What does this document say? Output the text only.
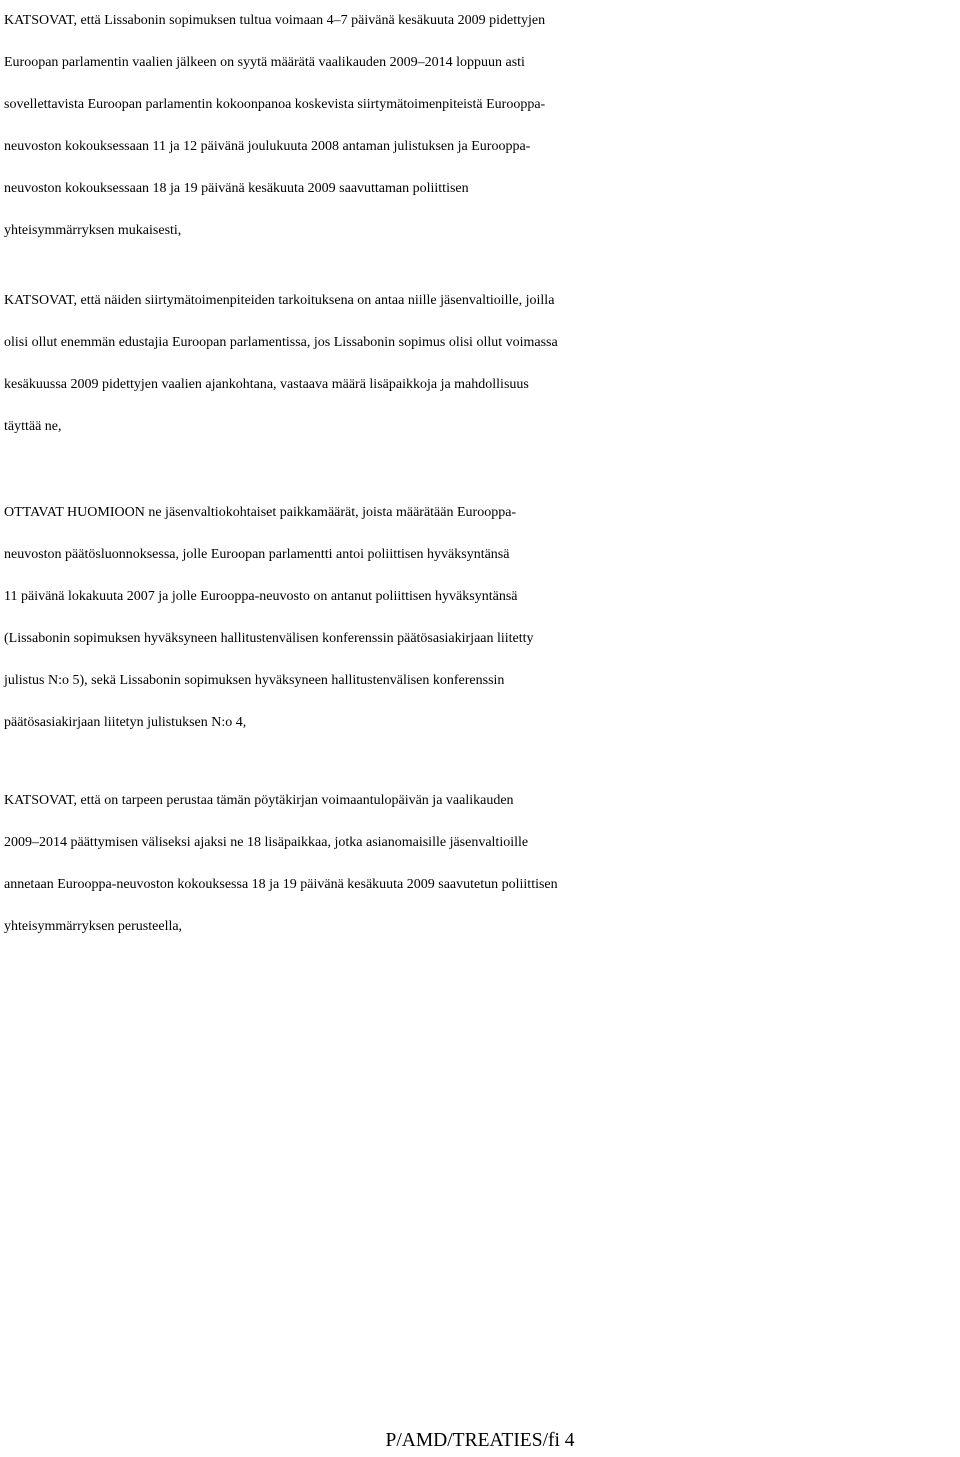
KATSOVAT, että Lissabonin sopimuksen tultua voimaan 4–7 päivänä kesäkuuta 2009 pidettyjen
Euroopan parlamentin vaalien jälkeen on syytä määrätä vaalikauden 2009–2014 loppuun asti
sovellettavista Euroopan parlamentin kokoonpanoa koskevista siirtymätoimenpiteistä Eurooppa-
neuvoston kokouksessaan 11 ja 12 päivänä joulukuuta 2008 antaman julistuksen ja Eurooppa-
neuvoston kokouksessaan 18 ja 19 päivänä kesäkuuta 2009 saavuttaman poliittisen
yhteisymmärryksen mukaisesti,
KATSOVAT, että näiden siirtymätoimenpiteiden tarkoituksena on antaa niille jäsenvaltioille, joilla
olisi ollut enemmän edustajia Euroopan parlamentissa, jos Lissabonin sopimus olisi ollut voimassa
kesäkuussa 2009 pidettyjen vaalien ajankohtana, vastaava määrä lisäpaikkoja ja mahdollisuus
täyttää ne,
OTTAVAT HUOMIOON ne jäsenvaltiokohtaiset paikkamäärät, joista määrätään Eurooppa-
neuvoston päätösluonnoksessa, jolle Euroopan parlamentti antoi poliittisen hyväksyntänsä
11 päivänä lokakuuta 2007 ja jolle Eurooppa-neuvosto on antanut poliittisen hyväksyntänsä
(Lissabonin sopimuksen hyväksyneen hallitustenvälisen konferenssin päätösasiakirjaan liitetty
julistus N:o 5), sekä Lissabonin sopimuksen hyväksyneen hallitustenvälisen konferenssin
päätösasiakirjaan liitetyn julistuksen N:o 4,
KATSOVAT, että on tarpeen perustaa tämän pöytäkirjan voimaantulopäivän ja vaalikauden
2009–2014 päättymisen väliseksi ajaksi ne 18 lisäpaikkaa, jotka asianomaisille jäsenvaltioille
annetaan Eurooppa-neuvoston kokouksessa 18 ja 19 päivänä kesäkuuta 2009 saavutetun poliittisen
yhteisymmärryksen perusteella,
P/AMD/TREATIES/fi 4
